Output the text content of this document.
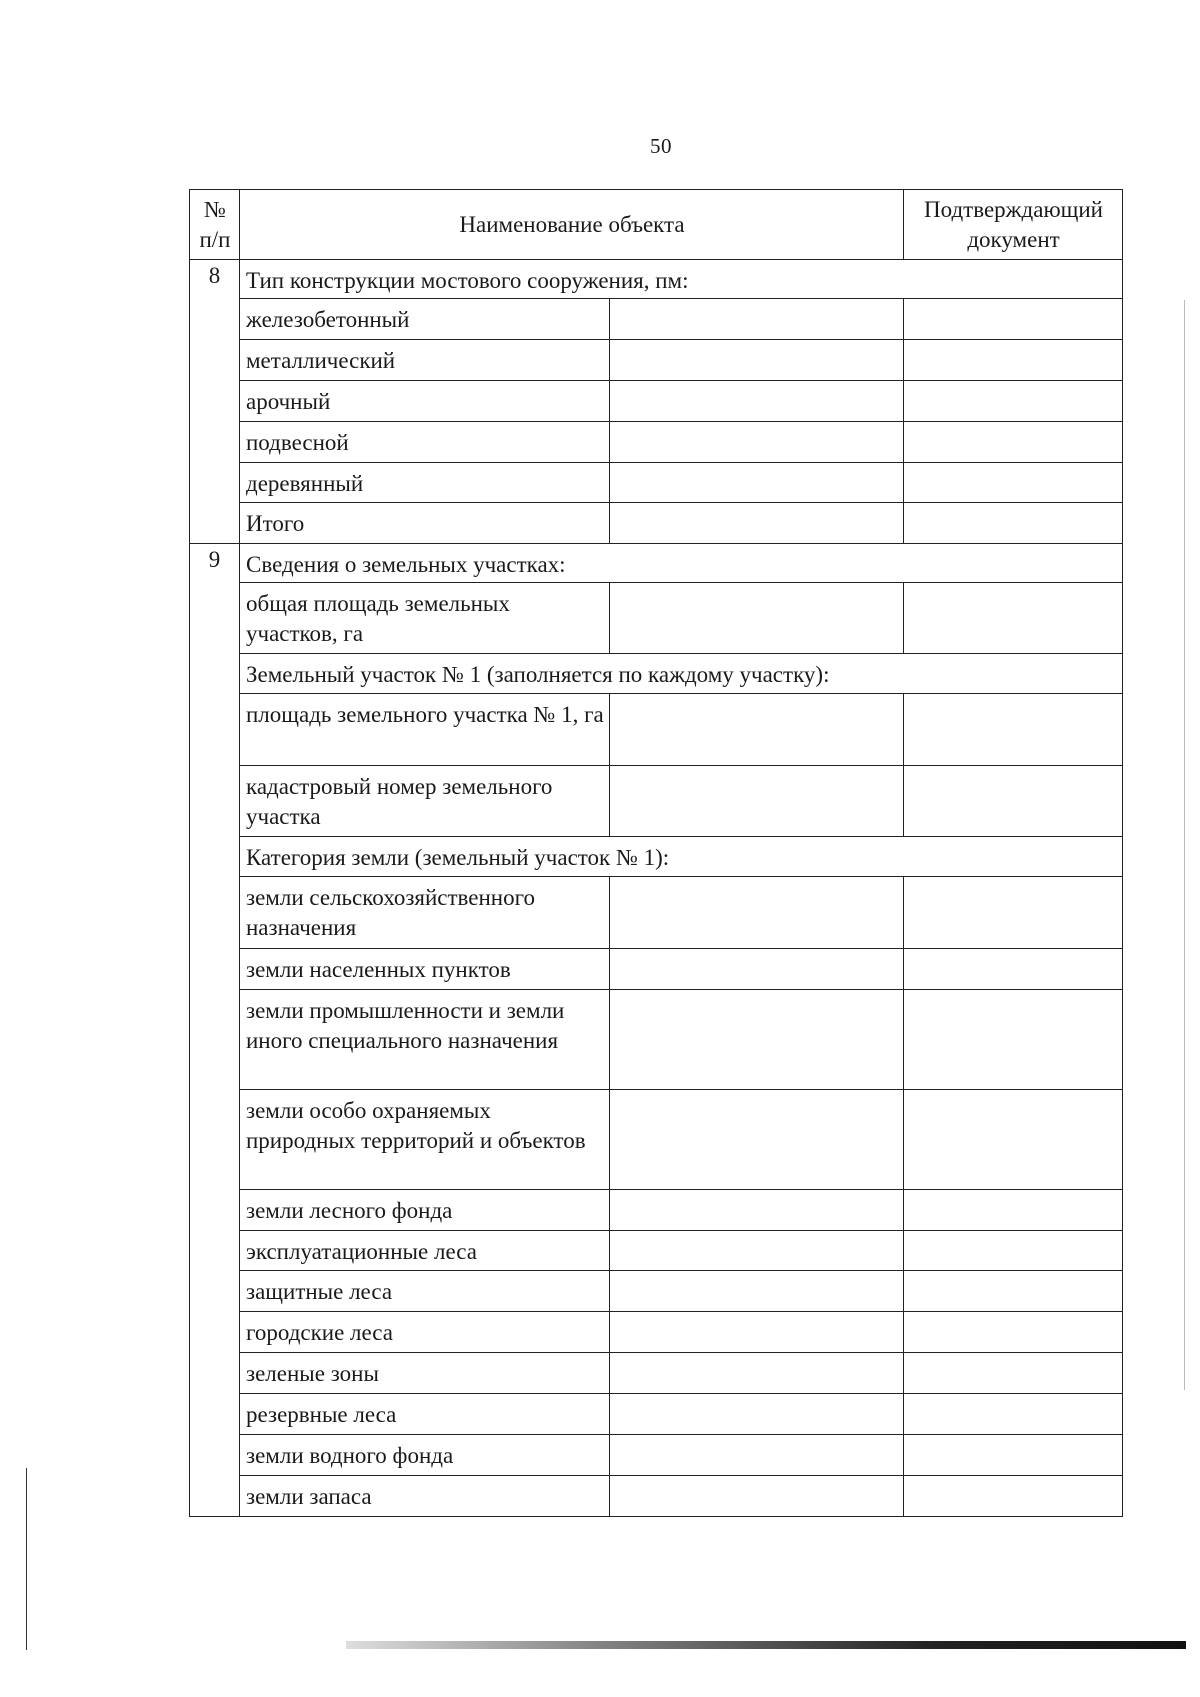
50
№ п/п	Наименование объекта		Подтверждающий документ
8	Тип конструкции мостового сооружения, пм:		
	железобетонный		
	металлический		
	арочный		
	подвесной		
	деревянный		
	Итого		
9	Сведения о земельных участках:		
	общая площадь земельных участков, га		
	Земельный участок № 1 (заполняется по каждому участку):		
	площадь земельного участка № 1, га		
	кадастровый номер земельного участка		
	Категория земли (земельный участок № 1):		
	земли сельскохозяйственного назначения		
	земли населенных пунктов		
	земли промышленности и земли иного специального назначения		
	земли особо охраняемых природных территорий и объектов		
	земли лесного фонда		
	эксплуатационные леса		
	защитные леса		
	городские леса		
	зеленые зоны		
	резервные леса		
	земли водного фонда		
	земли запаса		
